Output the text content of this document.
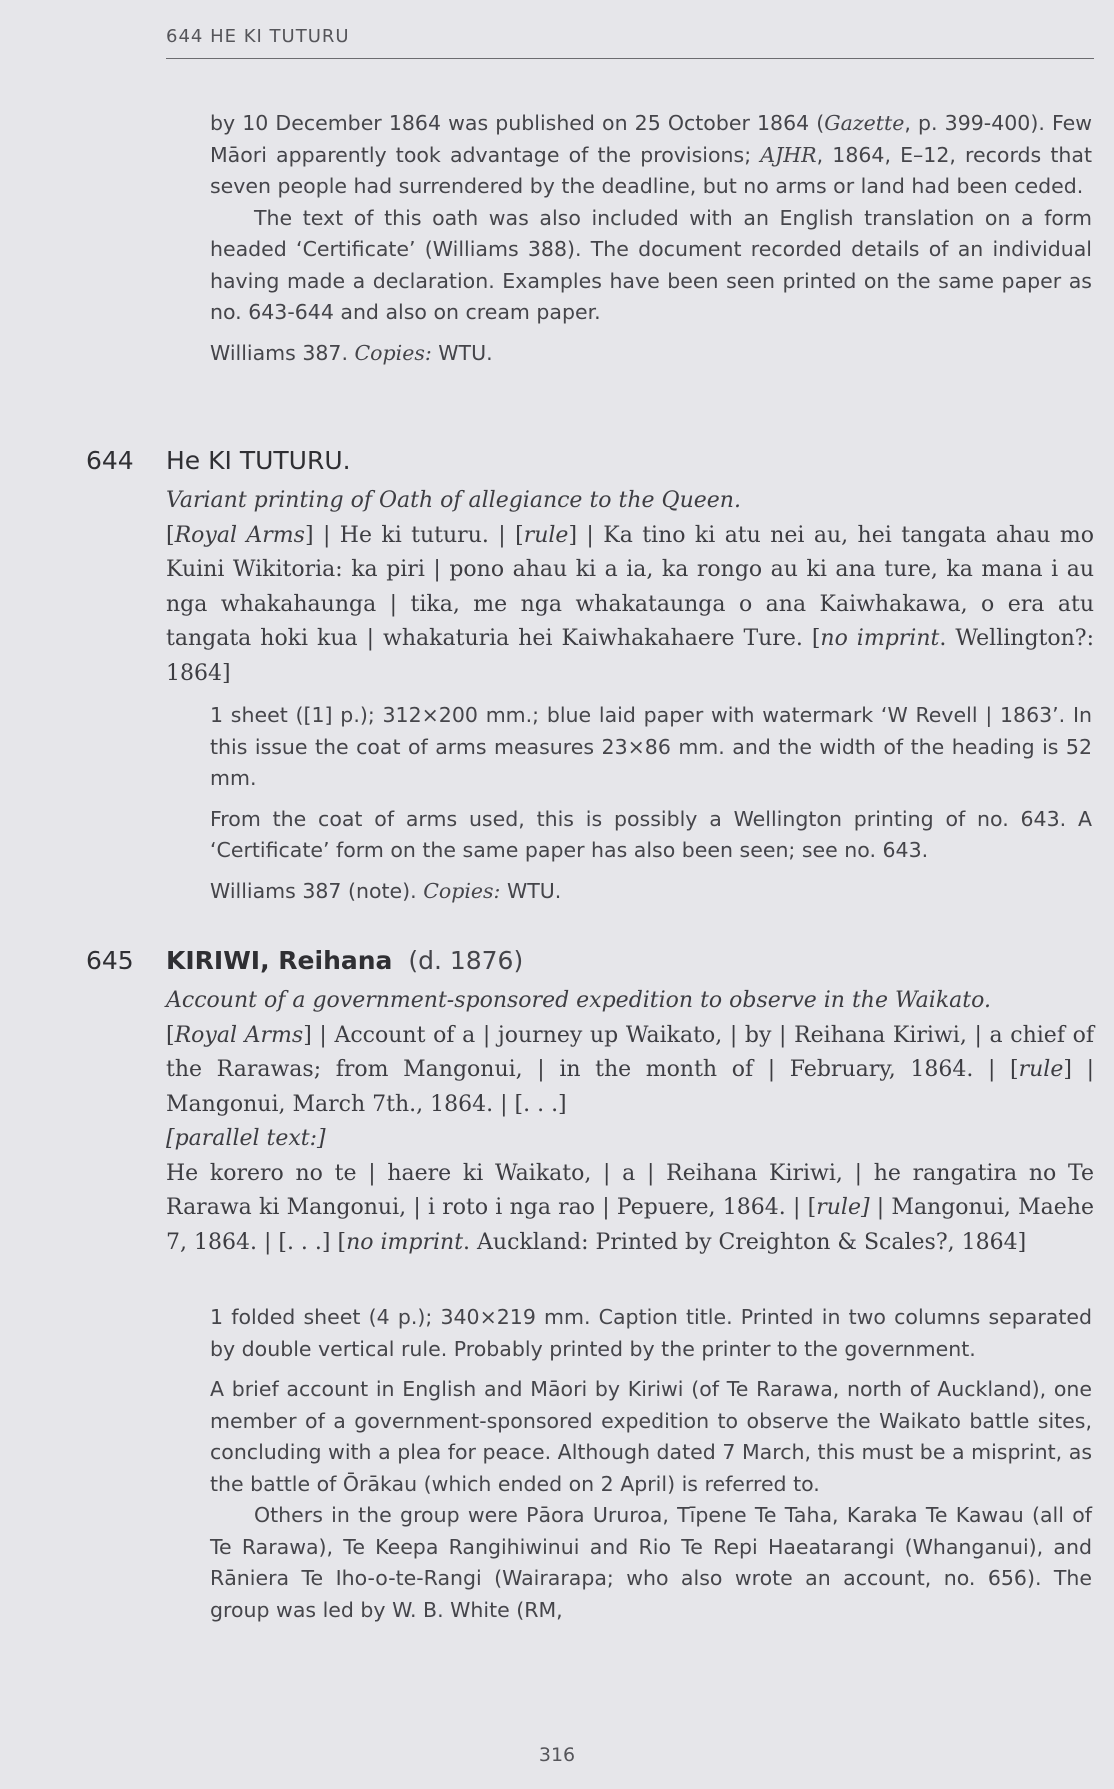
644 HE KI TUTURU

by 10 December 1864 was published on 25 October 1864 (Gazette, p. 399-400). Few Māori apparently took advantage of the provisions; AJHR, 1864, E–12, records that seven people had surrendered by the deadline, but no arms or land had been ceded.

The text of this oath was also included with an English translation on a form headed ‘Certificate’ (Williams 388). The document recorded details of an individual having made a declaration. Examples have been seen printed on the same paper as no. 643-644 and also on cream paper.

Williams 387. Copies: WTU.

644 He KI TUTURU.

Variant printing of Oath of allegiance to the Queen.

[Royal Arms] | He ki tuturu. | [rule] | Ka tino ki atu nei au, hei tangata ahau mo Kuini Wikitoria: ka piri | pono ahau ki a ia, ka rongo au ki ana ture, ka mana i au nga whakahaunga | tika, me nga whakataunga o ana Kaiwhakawa, o era atu tangata hoki kua | whakaturia hei Kaiwhakahaere Ture. [no imprint. Wellington?: 1864]

1 sheet ([1] p.); 312×200 mm.; blue laid paper with watermark ‘W Revell | 1863’. In this issue the coat of arms measures 23×86 mm. and the width of the heading is 52 mm.

From the coat of arms used, this is possibly a Wellington printing of no. 643. A ‘Certificate’ form on the same paper has also been seen; see no. 643.

Williams 387 (note). Copies: WTU.

645 KIRIWI, Reihana (d. 1876)

Account of a government-sponsored expedition to observe in the Waikato.

[Royal Arms] | Account of a | journey up Waikato, | by | Reihana Kiriwi, | a chief of the Rarawas; from Mangonui, | in the month of | February, 1864. | [rule] | Mangonui, March 7th., 1864. | [. . .]

[parallel text:]

He korero no te | haere ki Waikato, | a | Reihana Kiriwi, | he rangatira no Te Rarawa ki Mangonui, | i roto i nga rao | Pepuere, 1864. | [rule] | Mangonui, Maehe 7, 1864. | [. . .] [no imprint. Auckland: Printed by Creighton & Scales?, 1864]

1 folded sheet (4 p.); 340×219 mm. Caption title. Printed in two columns separated by double vertical rule. Probably printed by the printer to the government.

A brief account in English and Māori by Kiriwi (of Te Rarawa, north of Auckland), one member of a government-sponsored expedition to observe the Waikato battle sites, concluding with a plea for peace. Although dated 7 March, this must be a misprint, as the battle of Ōrākau (which ended on 2 April) is referred to.

Others in the group were Pāora Ururoa, Tīpene Te Taha, Karaka Te Kawau (all of Te Rarawa), Te Keepa Rangihiwinui and Rio Te Repi Haeatarangi (Whanganui), and Rāniera Te Iho-o-te-Rangi (Wairarapa; who also wrote an account, no. 656). The group was led by W. B. White (RM,

316
